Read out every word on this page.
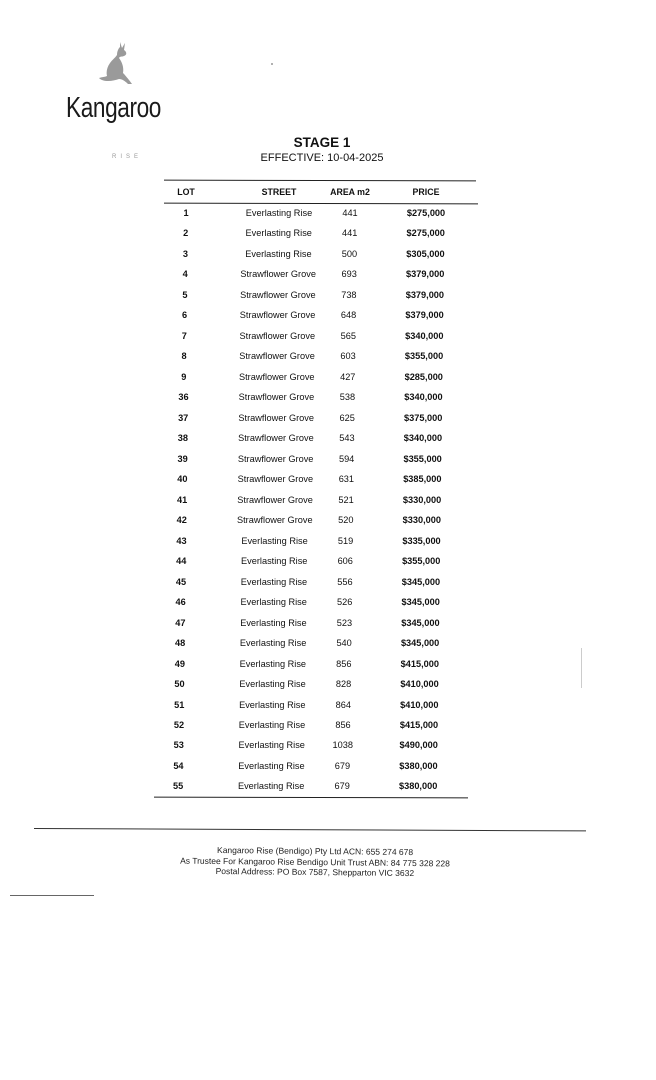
Kangaroo
RISE
STAGE 1
EFFECTIVE: 10-04-2025
LOT	STREET	AREA m2	PRICE
1	Everlasting Rise	441	$275,000
2	Everlasting Rise	441	$275,000
3	Everlasting Rise	500	$305,000
4	Strawflower Grove	693	$379,000
5	Strawflower Grove	738	$379,000
6	Strawflower Grove	648	$379,000
7	Strawflower Grove	565	$340,000
8	Strawflower Grove	603	$355,000
9	Strawflower Grove	427	$285,000
36	Strawflower Grove	538	$340,000
37	Strawflower Grove	625	$375,000
38	Strawflower Grove	543	$340,000
39	Strawflower Grove	594	$355,000
40	Strawflower Grove	631	$385,000
41	Strawflower Grove	521	$330,000
42	Strawflower Grove	520	$330,000
43	Everlasting Rise	519	$335,000
44	Everlasting Rise	606	$355,000
45	Everlasting Rise	556	$345,000
46	Everlasting Rise	526	$345,000
47	Everlasting Rise	523	$345,000
48	Everlasting Rise	540	$345,000
49	Everlasting Rise	856	$415,000
50	Everlasting Rise	828	$410,000
51	Everlasting Rise	864	$410,000
52	Everlasting Rise	856	$415,000
53	Everlasting Rise	1038	$490,000
54	Everlasting Rise	679	$380,000
55	Everlasting Rise	679	$380,000
Kangaroo Rise (Bendigo) Pty Ltd ACN: 655 274 678
As Trustee For Kangaroo Rise Bendigo Unit Trust ABN: 84 775 328 228
Postal Address: PO Box 7587, Shepparton VIC 3632
